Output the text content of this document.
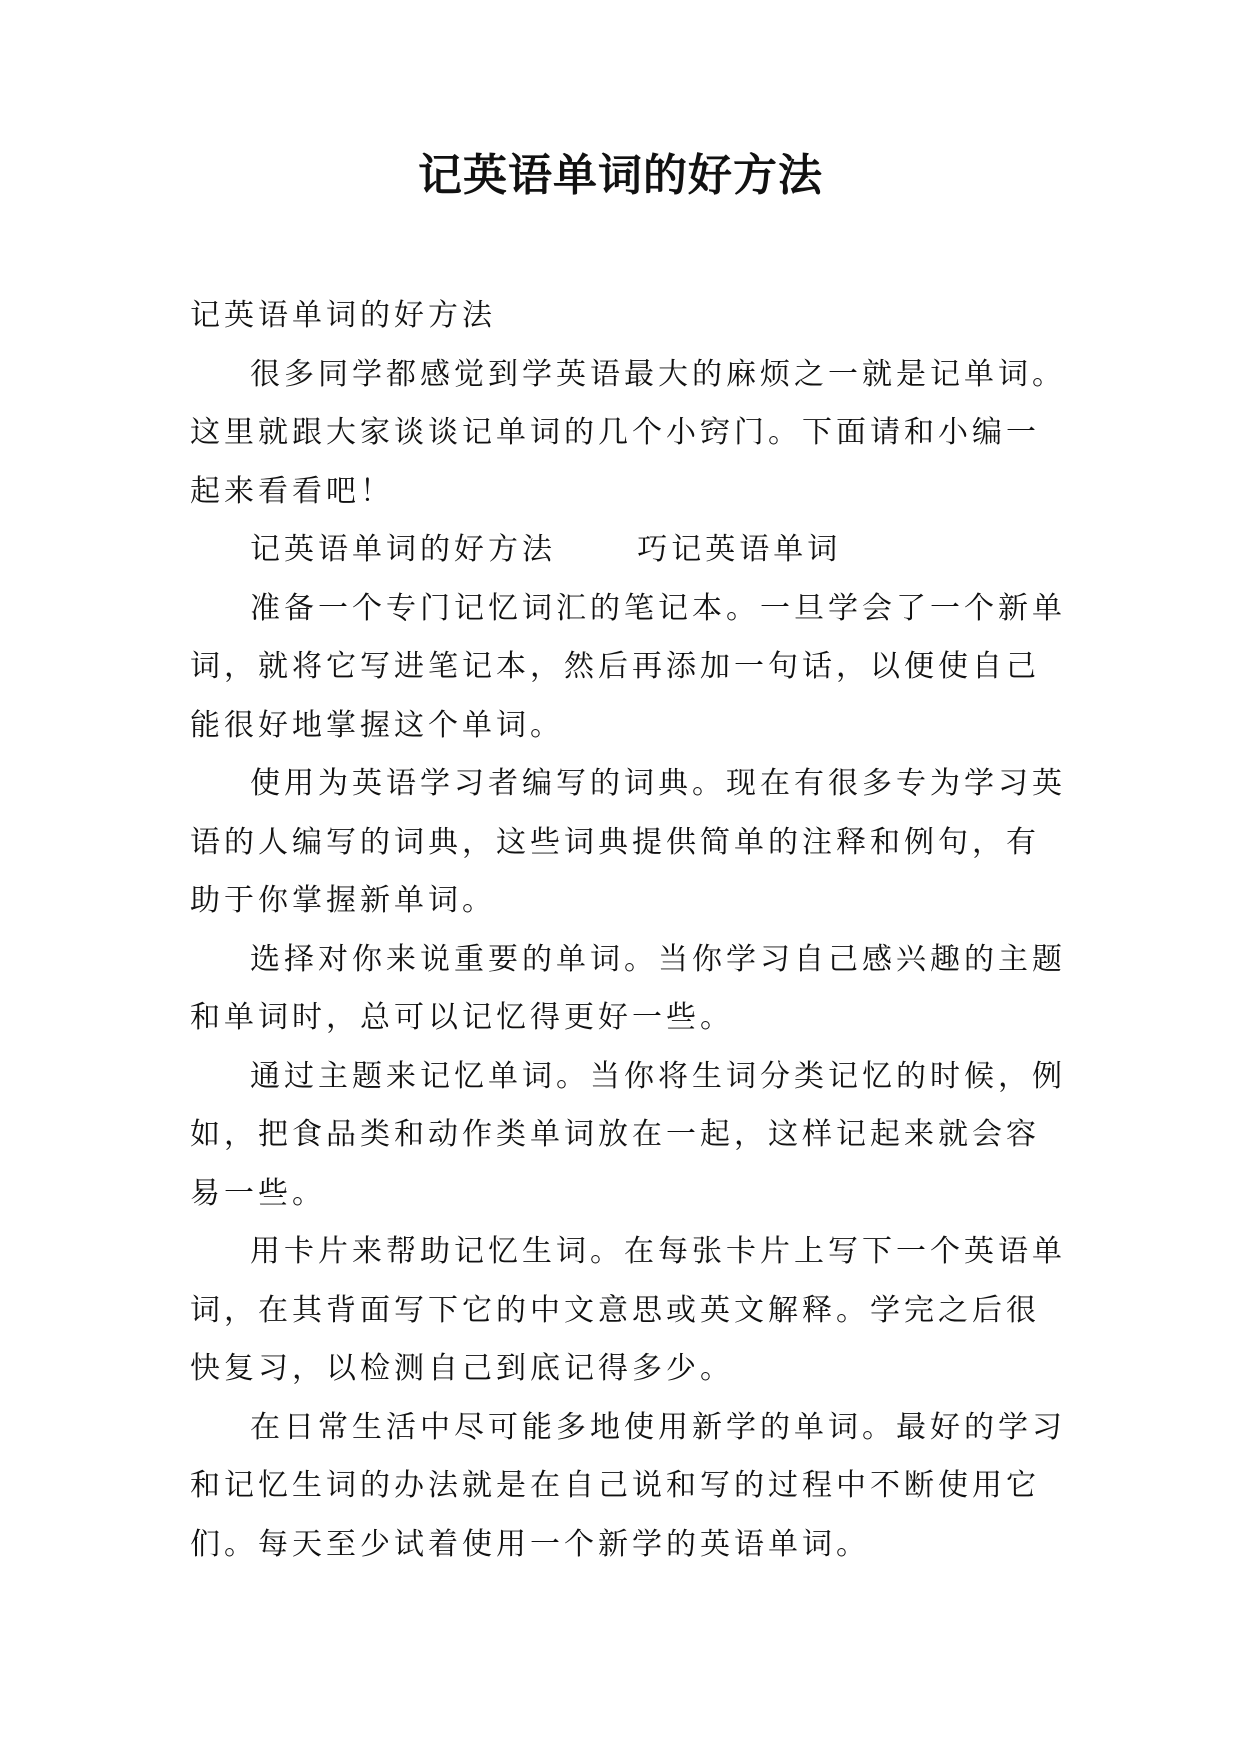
记英语单词的好方法

记英语单词的好方法

很多同学都感觉到学英语最大的麻烦之一就是记单词。这里就跟大家谈谈记单词的几个小窍门。下面请和小编一起来看看吧！

记英语单词的好方法	巧记英语单词

准备一个专门记忆词汇的笔记本。一旦学会了一个新单词，就将它写进笔记本，然后再添加一句话，以便使自己能很好地掌握这个单词。

使用为英语学习者编写的词典。现在有很多专为学习英语的人编写的词典，这些词典提供简单的注释和例句，有助于你掌握新单词。

选择对你来说重要的单词。当你学习自己感兴趣的主题和单词时，总可以记忆得更好一些。

通过主题来记忆单词。当你将生词分类记忆的时候，例如，把食品类和动作类单词放在一起，这样记起来就会容易一些。

用卡片来帮助记忆生词。在每张卡片上写下一个英语单词，在其背面写下它的中文意思或英文解释。学完之后很快复习，以检测自己到底记得多少。

在日常生活中尽可能多地使用新学的单词。最好的学习和记忆生词的办法就是在自己说和写的过程中不断使用它们。每天至少试着使用一个新学的英语单词。
